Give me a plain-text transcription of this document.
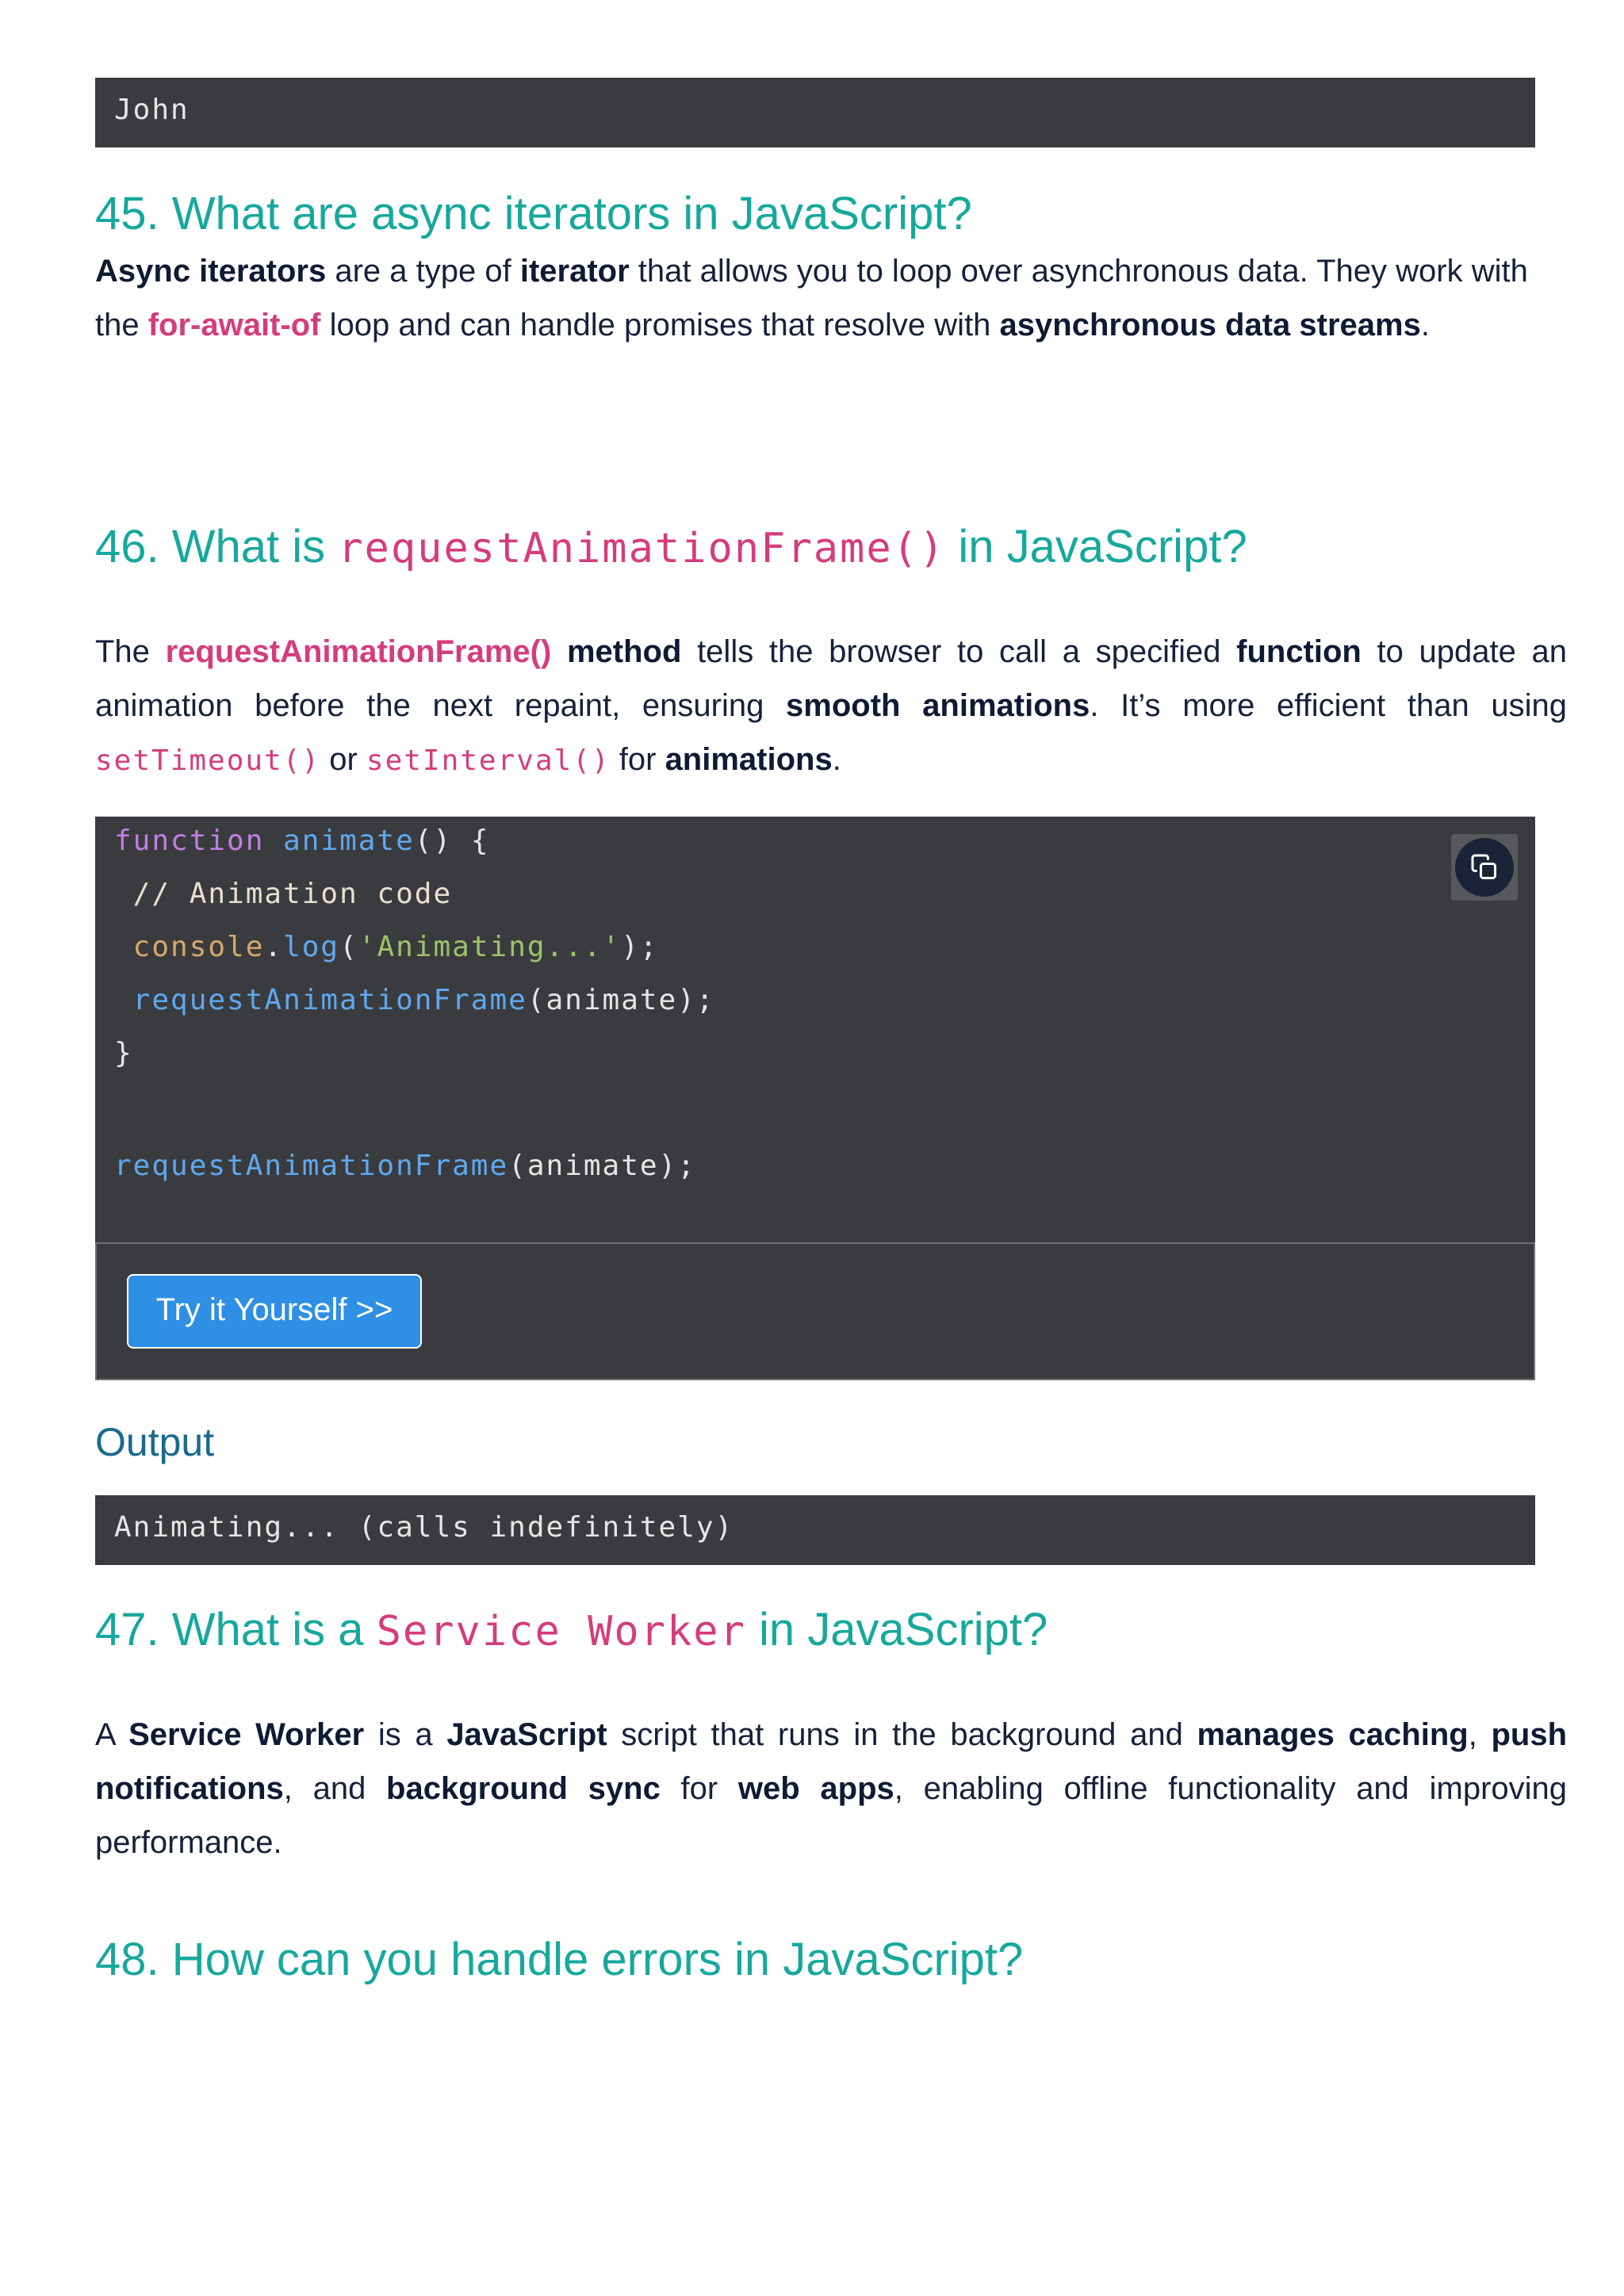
John
45. What are async iterators in JavaScript?

Async iterators are a type of iterator that allows you to loop over asynchronous data. They work with the for-await-of loop and can handle promises that resolve with asynchronous data streams.

46. What is requestAnimationFrame() in JavaScript?

The requestAnimationFrame() method tells the browser to call a specified function to update an animation before the next repaint, ensuring smooth animations. It’s more efficient than using setTimeout() or setInterval() for animations.

function animate() {
// Animation code
console.log('Animating...');
requestAnimationFrame(animate);
}
requestAnimationFrame(animate);
Try it Yourself >>
Output
Animating... (calls indefinitely)
47. What is a Service Worker in JavaScript?

A Service Worker is a JavaScript script that runs in the background and manages caching, push notifications, and background sync for web apps, enabling offline functionality and improving performance.

48. How can you handle errors in JavaScript?
